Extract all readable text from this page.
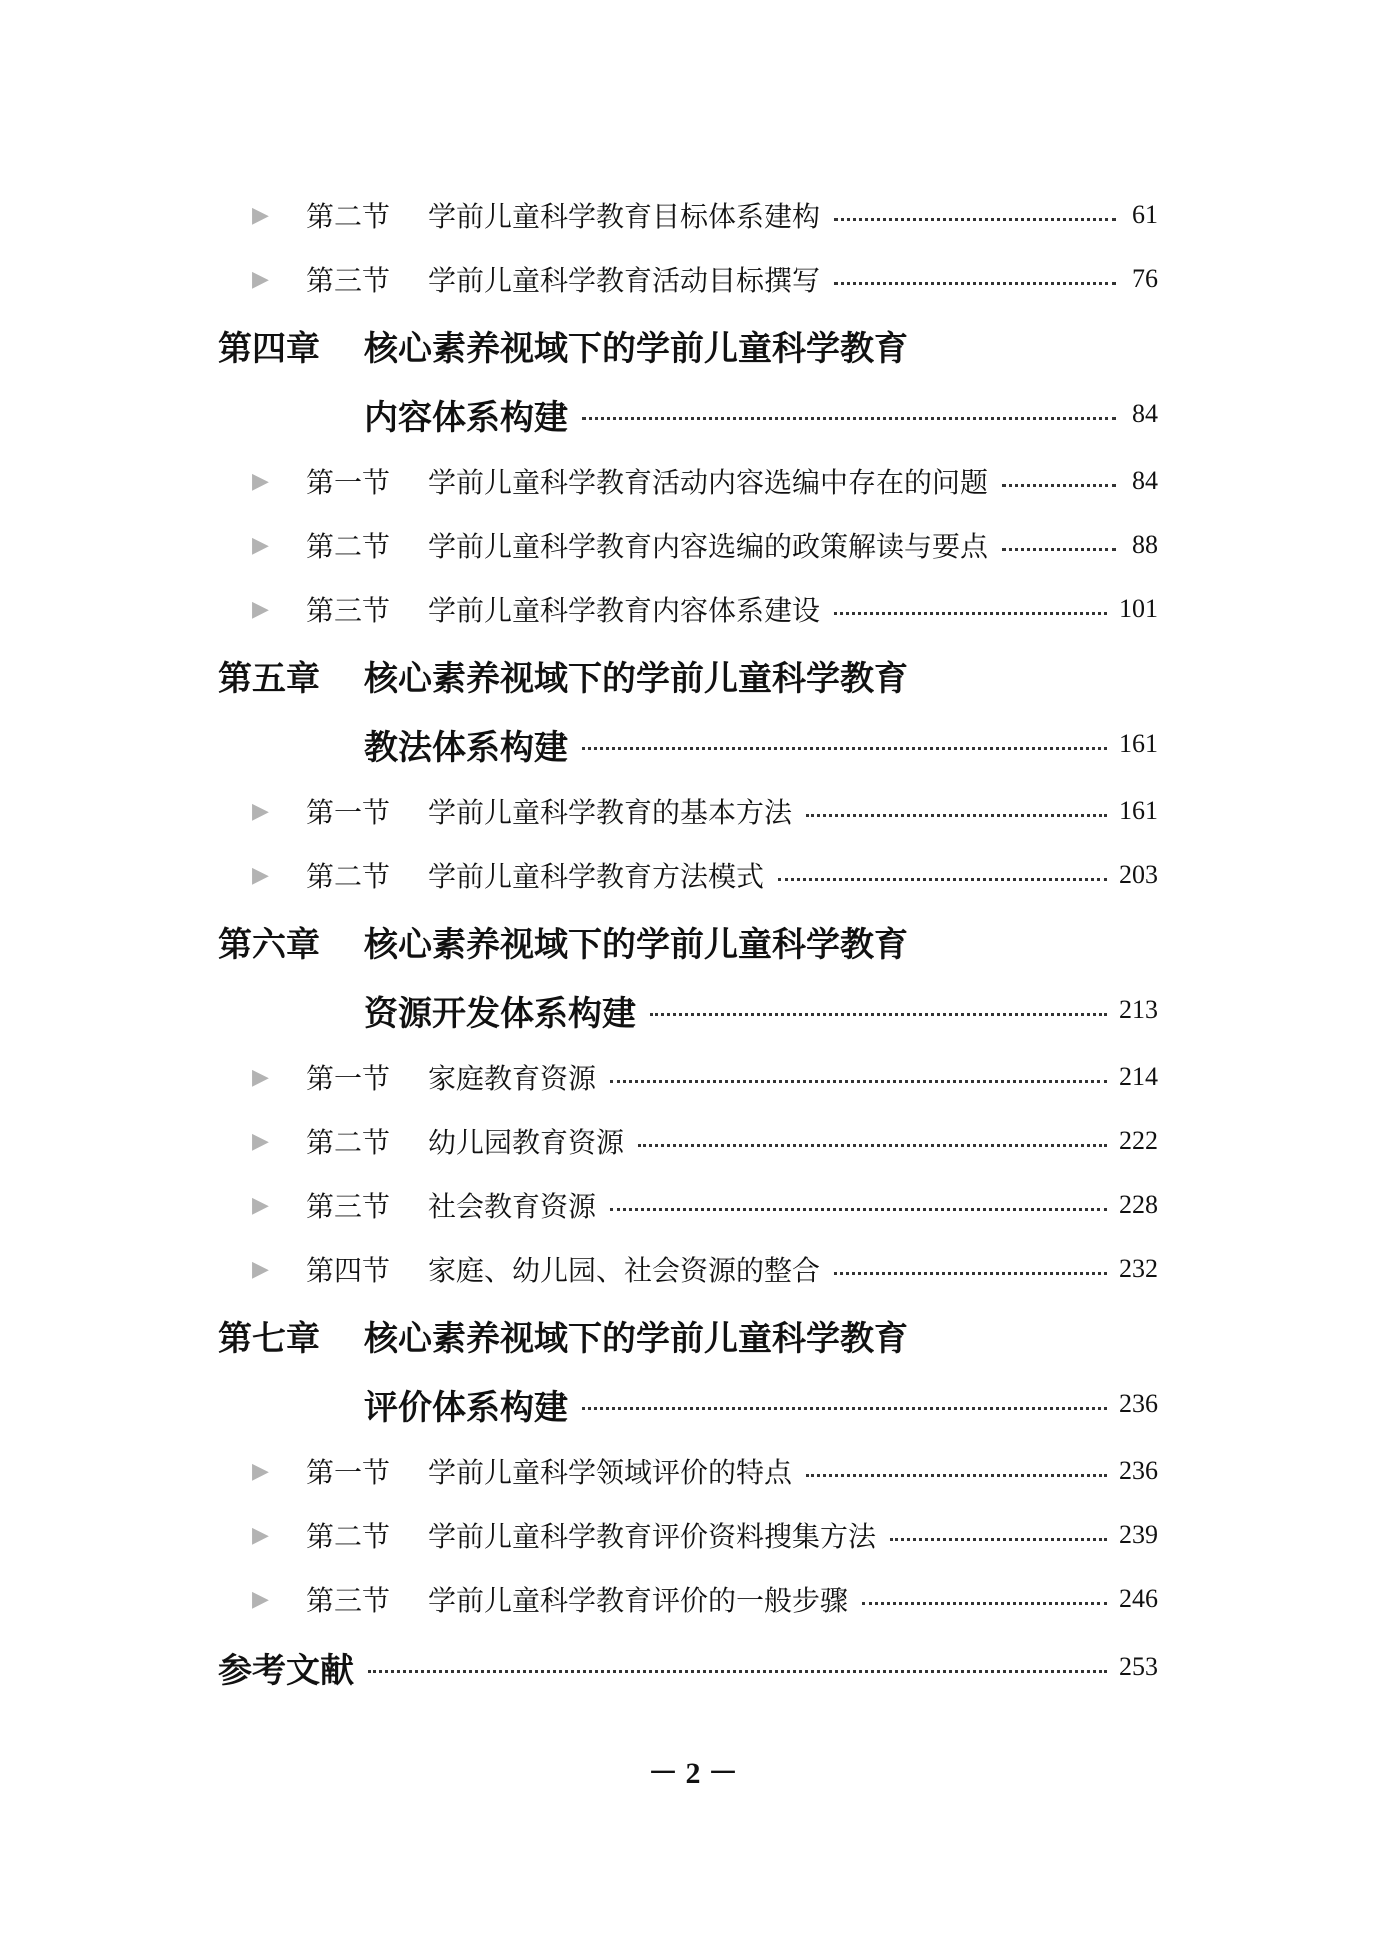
▶ 第二节	学前儿童科学教育目标体系建构	61
▶ 第三节	学前儿童科学教育活动目标撰写	76
第四章	核心素养视域下的学前儿童科学教育
内容体系构建	84
▶ 第一节	学前儿童科学教育活动内容选编中存在的问题	84
▶ 第二节	学前儿童科学教育内容选编的政策解读与要点	88
▶ 第三节	学前儿童科学教育内容体系建设	101
第五章	核心素养视域下的学前儿童科学教育
教法体系构建	161
▶ 第一节	学前儿童科学教育的基本方法	161
▶ 第二节	学前儿童科学教育方法模式	203
第六章	核心素养视域下的学前儿童科学教育
资源开发体系构建	213
▶ 第一节	家庭教育资源	214
▶ 第二节	幼儿园教育资源	222
▶ 第三节	社会教育资源	228
▶ 第四节	家庭、幼儿园、社会资源的整合	232
第七章	核心素养视域下的学前儿童科学教育
评价体系构建	236
▶ 第一节	学前儿童科学领域评价的特点	236
▶ 第二节	学前儿童科学教育评价资料搜集方法	239
▶ 第三节	学前儿童科学教育评价的一般步骤	246
参考文献	253
－ 2 －
